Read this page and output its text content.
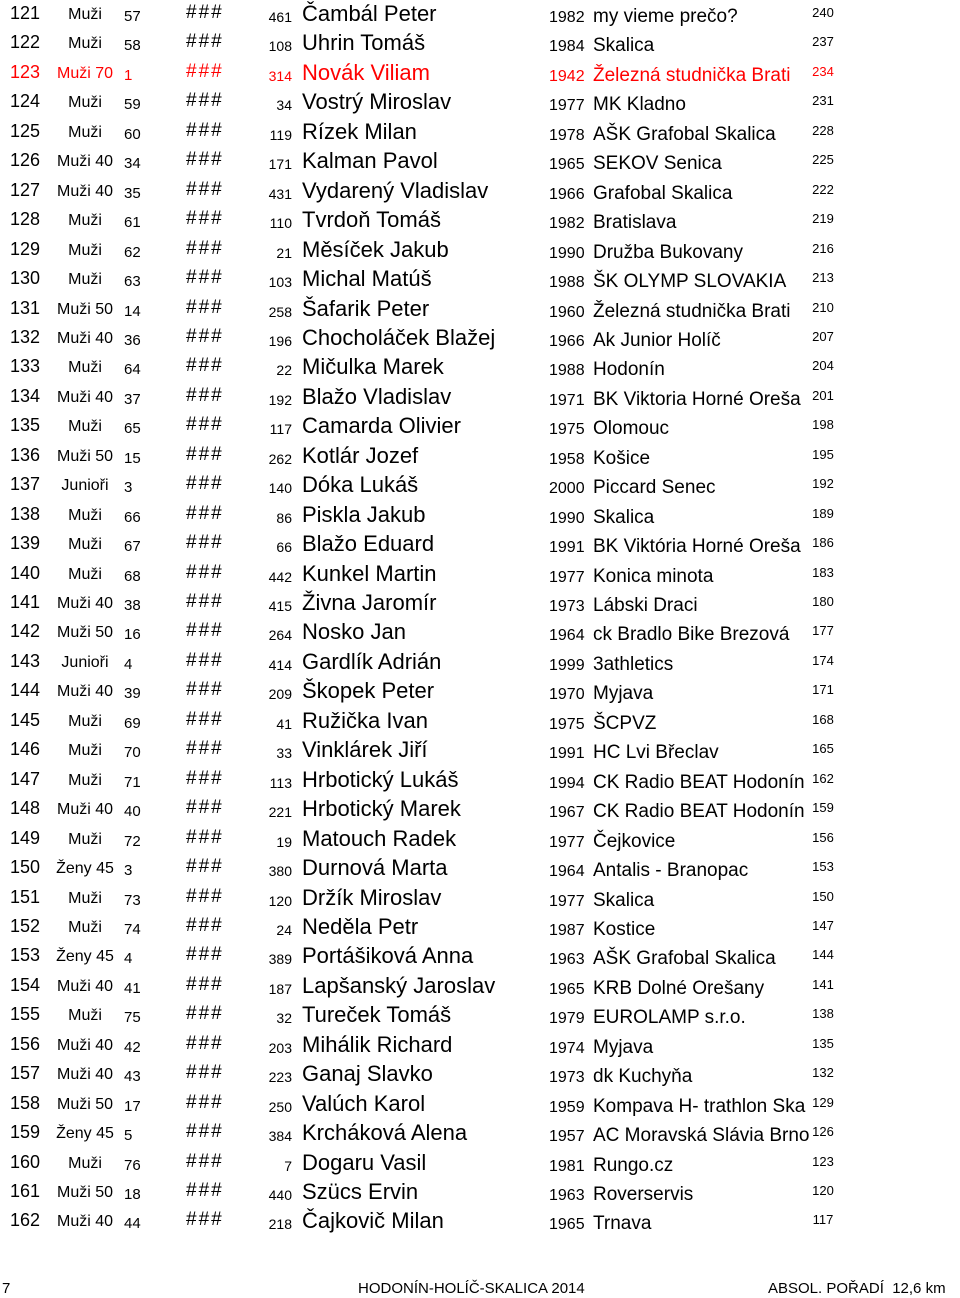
121	Muži	57 ###	461 Čambál Peter	1982 my vieme prečo?	240
122	Muži	58 ###	108 Uhrin Tomáš	1984 Skalica	237
123	Muži 70 1	###	314 Novák Viliam	1942 Železná studnička Brati	234
124	Muži	59 ###	34 Vostrý Miroslav	1977 MK Kladno	231
125	Muži	60 ###	119 Rízek Milan	1978 AŠK Grafobal Skalica	228
126	Muži 40 34 ###	171 Kalman Pavol	1965 SEKOV Senica	225
127	Muži 40 35 ###	431 Vydarený Vladislav	1966 Grafobal Skalica	222
128	Muži	61 ###	110 Tvrdoň Tomáš	1982 Bratislava	219
129	Muži	62 ###	21 Měsíček Jakub	1990 Družba Bukovany	216
130	Muži	63 ###	103 Michal Matúš	1988 ŠK OLYMP SLOVAKIA	213
131	Muži 50 14 ###	258 Šafarik Peter	1960 Železná studnička Brati	210
132	Muži 40 36 ###	196 Chocholáček Blažej	1966 Ak Junior Holíč	207
133	Muži	64 ###	22 Mičulka Marek	1988 Hodonín	204
134	Muži 40 37 ###	192 Blažo Vladislav	1971 BK Viktoria Horné Oreša 201
135	Muži	65 ###	117 Camarda Olivier	1975 Olomouc	198
136	Muži 50 15 ###	262 Kotlár Jozef	1958 Košice	195
137	Junioři	3	###	140 Dóka Lukáš	2000 Piccard Senec	192
138	Muži	66 ###	86 Piskla Jakub	1990 Skalica	189
139	Muži	67 ###	66 Blažo Eduard	1991 BK Viktória Horné Oreša 186
140	Muži	68 ###	442 Kunkel Martin	1977 Konica minota	183
141	Muži 40 38 ###	415 Živna Jaromír	1973 Lábski Draci	180
142	Muži 50 16 ###	264 Nosko Jan	1964 ck Bradlo Bike Brezová	177
143	Junioři	4	###	414 Gardlík Adrián	1999 3athletics	174
144	Muži 40 39 ###	209 Škopek Peter	1970 Myjava	171
145	Muži	69 ###	41 Ružička Ivan	1975 ŠCPVZ	168
146	Muži	70 ###	33 Vinklárek Jiří	1991 HC Lvi Břeclav	165
147	Muži	71 ###	113 Hrbotický Lukáš	1994 CK Radio BEAT Hodonín 162
148	Muži 40 40 ###	221 Hrbotický Marek	1967 CK Radio BEAT Hodonín 159
149	Muži	72 ###	19 Matouch Radek	1977 Čejkovice	156
150	Ženy 45 3	###	380 Durnová Marta	1964 Antalis - Branopac	153
151	Muži	73 ###	120 Držík Miroslav	1977 Skalica	150
152	Muži	74 ###	24 Neděla Petr	1987 Kostice	147
153	Ženy 45 4	###	389 Portášiková Anna	1963 AŠK Grafobal Skalica	144
154	Muži 40 41 ###	187 Lapšanský Jaroslav	1965 KRB Dolné Orešany	141
155	Muži	75 ###	32 Tureček Tomáš	1979 EUROLAMP s.r.o.	138
156	Muži 40 42 ###	203 Mihálik Richard	1974 Myjava	135
157	Muži 40 43 ###	223 Ganaj Slavko	1973 dk Kuchyňa	132
158	Muži 50 17 ###	250 Valúch Karol	1959 Kompava H- trathlon Ska 129
159	Ženy 45 5	###	384 Krcháková Alena	1957 AC Moravská Slávia Brno 126
160	Muži	76 ###	7 Dogaru Vasil	1981 Rungo.cz	123
161	Muži 50 18 ###	440 Szücs Ervin	1963 Roverservis	120
162	Muži 40 44 ###	218 Čajkovič Milan	1965 Trnava	117
7	HODONÍN-HOLÍČ-SKALICA 2014	ABSOL. POŘADÍ  12,6 km
